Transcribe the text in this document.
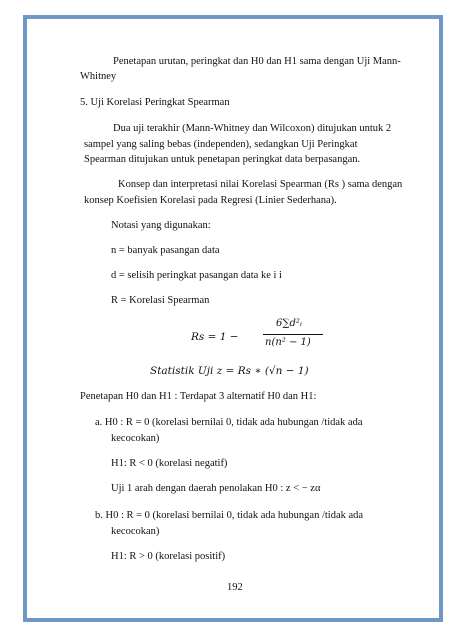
Penetapan urutan, peringkat dan H0 dan H1 sama dengan Uji Mann-
Whitney
5. Uji Korelasi Peringkat Spearman
Dua uji terakhir (Mann-Whitney dan Wilcoxon) ditujukan untuk 2
sampel yang saling bebas (independen), sedangkan Uji Peringkat
Spearman ditujukan untuk penetapan peringkat data berpasangan.
Konsep dan interpretasi nilai Korelasi Spearman (Rs ) sama dengan
konsep Koefisien Korelasi pada Regresi (Linier Sederhana).
Notasi yang digunakan:
n = banyak pasangan data
d = selisih peringkat pasangan data ke i i
R = Korelasi Spearman
Rs = 1 −
6∑d²ᵢ
n(n² − 1)
Statistik Uji z = Rs ∗ (√n − 1)
Penetapan H0 dan H1 : Terdapat 3 alternatif H0 dan H1:
a. H0 : R = 0 (korelasi bernilai 0, tidak ada hubungan /tidak ada
kecocokan)
H1: R < 0 (korelasi negatif)
Uji 1 arah dengan daerah penolakan H0 : z < − zα
b. H0 : R = 0 (korelasi bernilai 0, tidak ada hubungan /tidak ada
kecocokan)
H1: R > 0 (korelasi positif)
192
